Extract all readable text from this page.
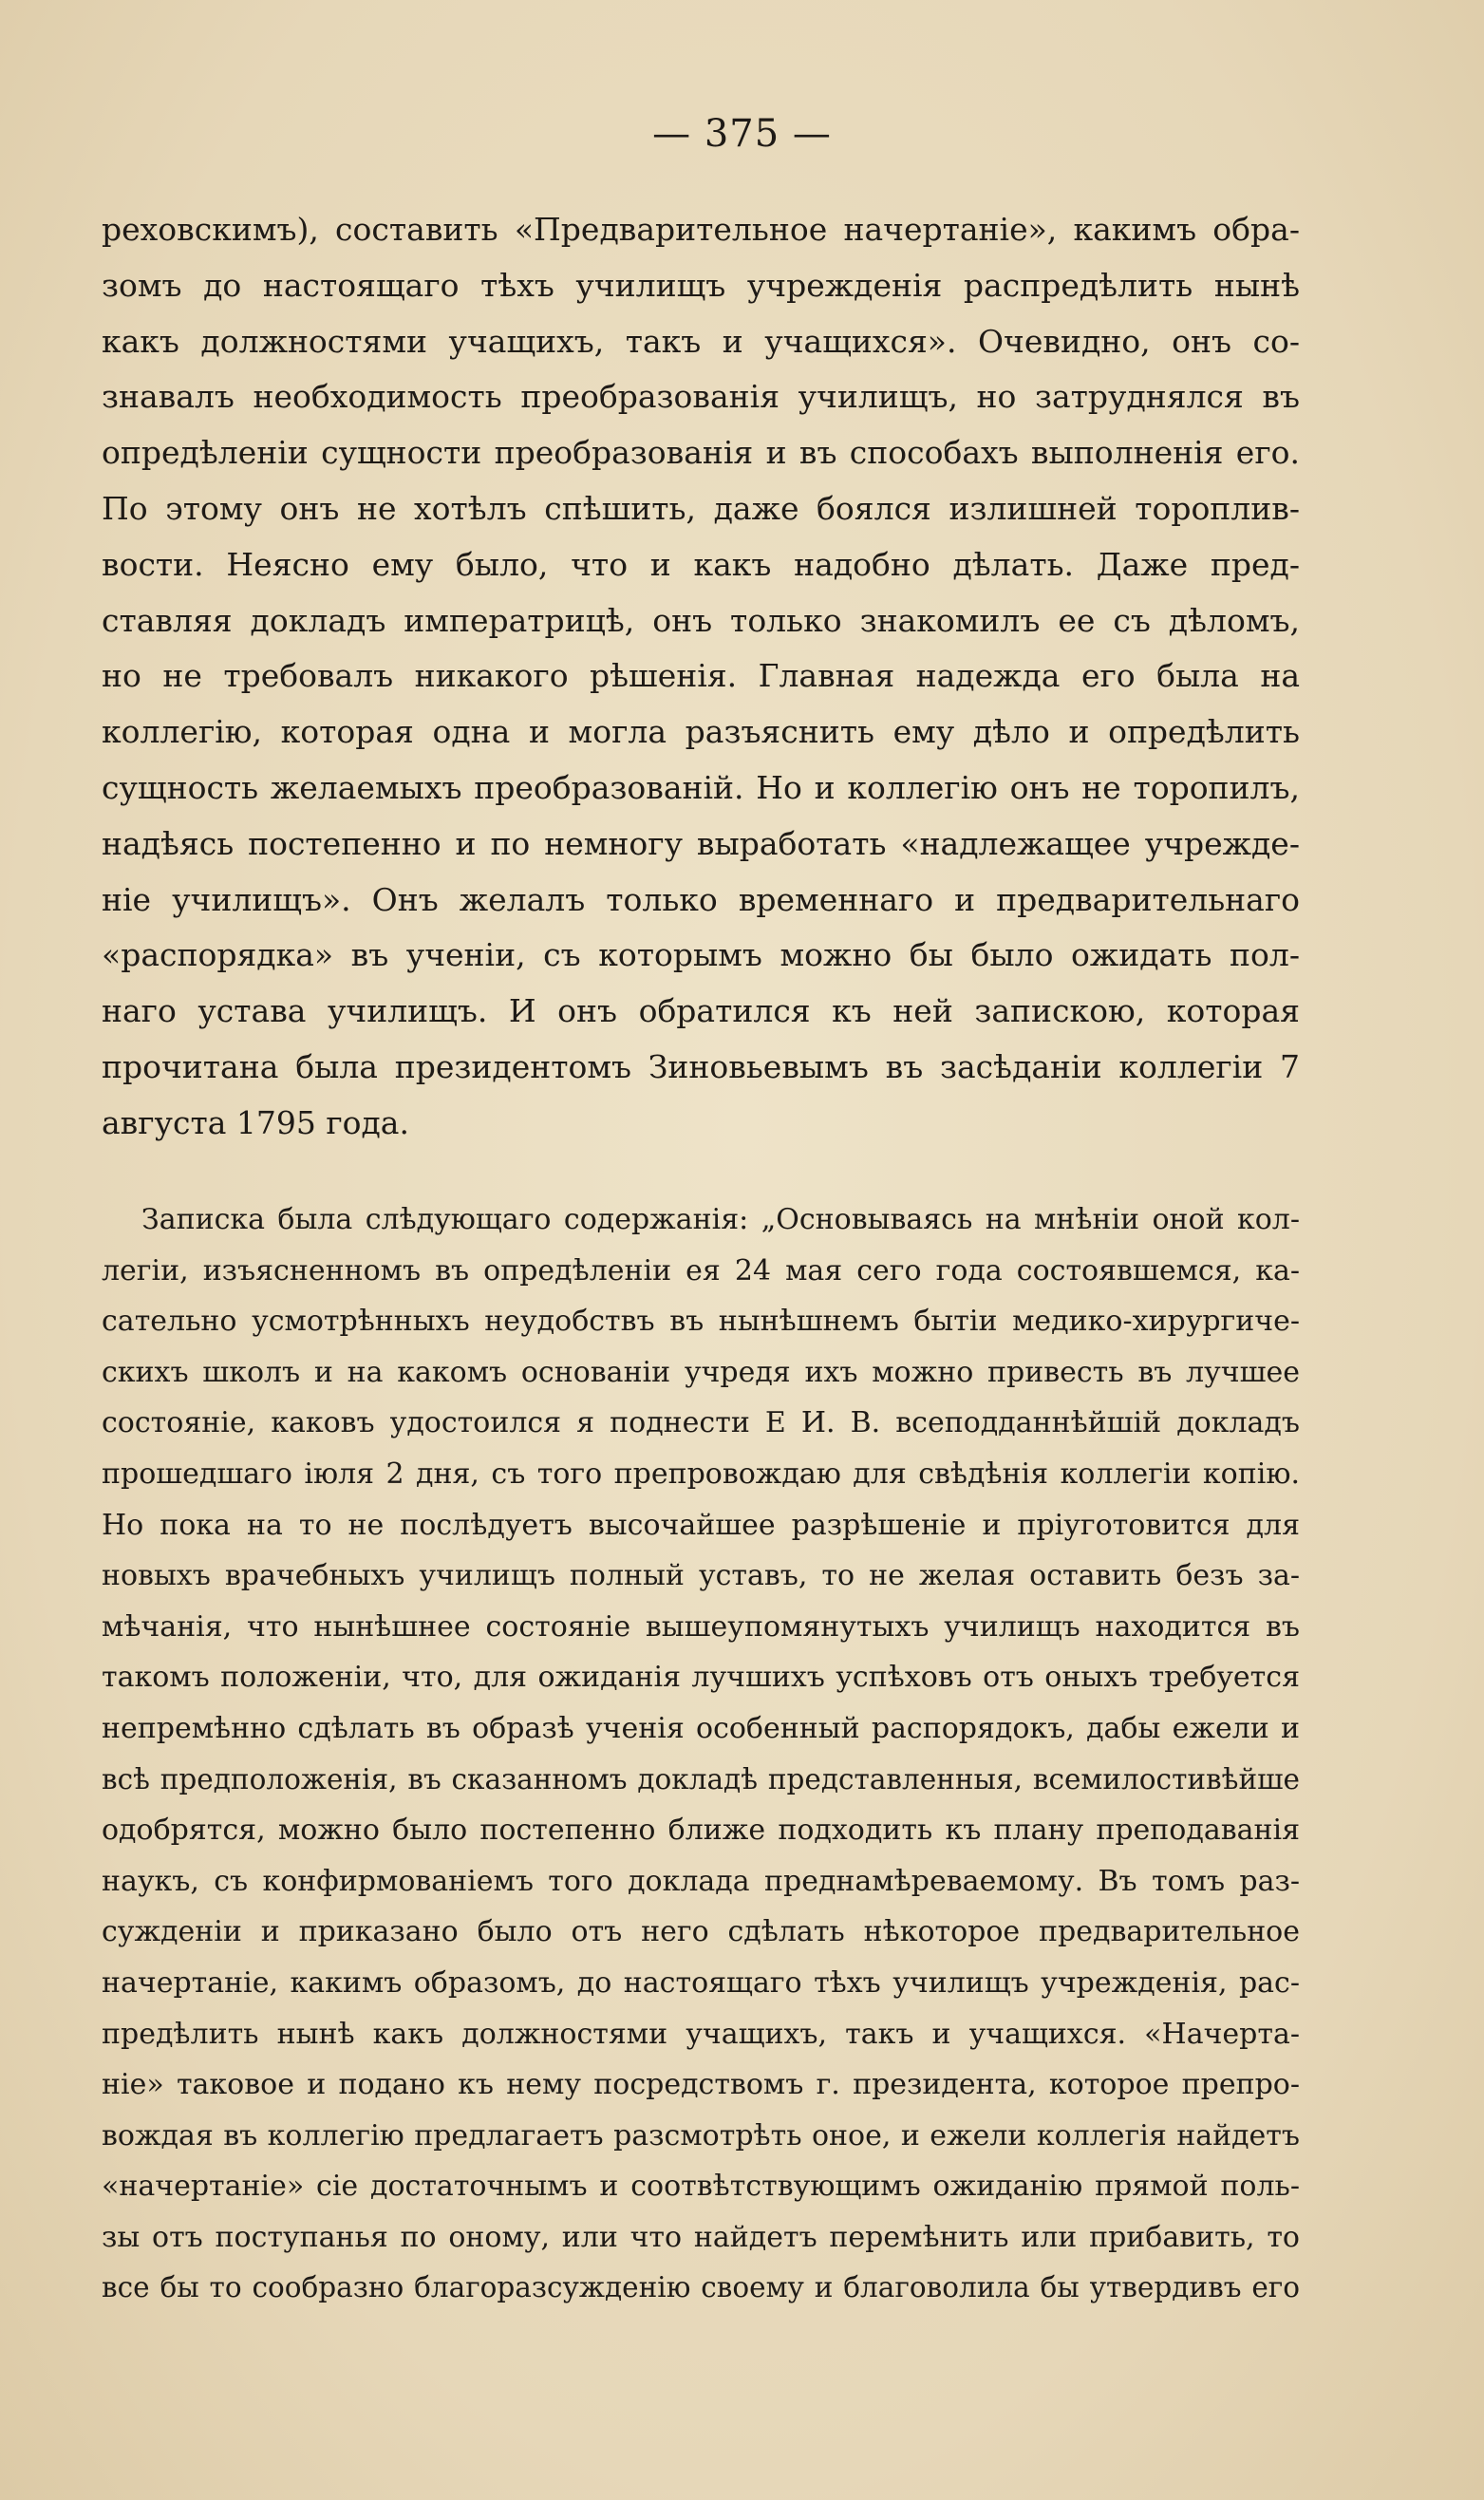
— 375 —
реховскимъ), составить «Предварительное начертаніе», какимъ обра-
зомъ до настоящаго тѣхъ училищъ учрежденія распредѣлить нынѣ
какъ должностями учащихъ, такъ и учащихся». Очевидно, онъ со-
знавалъ необходимость преобразованія училищъ, но затруднялся въ
опредѣленіи сущности преобразованія и въ способахъ выполненія его.
По этому онъ не хотѣлъ спѣшить, даже боялся излишней тороплив-
вости. Неясно ему было, что и какъ надобно дѣлать. Даже пред-
ставляя докладъ императрицѣ, онъ только знакомилъ ее съ дѣломъ,
но не требовалъ никакого рѣшенія. Главная надежда его была на
коллегію, которая одна и могла разъяснить ему дѣло и опредѣлить
сущность желаемыхъ преобразованій. Но и коллегію онъ не торопилъ,
надѣясь постепенно и по немногу выработать «надлежащее учрежде-
ніе училищъ». Онъ желалъ только временнаго и предварительнаго
«распорядка» въ ученіи, съ которымъ можно бы было ожидать пол-
наго устава училищъ. И онъ обратился къ ней запискою, которая
прочитана была президентомъ Зиновьевымъ въ засѣданіи коллегіи 7
августа 1795 года.
Записка была слѣдующаго содержанія: „Основываясь на мнѣніи оной кол-
легіи, изъясненномъ въ опредѣленіи ея 24 мая сего года состоявшемся, ка-
сательно усмотрѣнныхъ неудобствъ въ нынѣшнемъ бытіи медико-хирургиче-
скихъ школъ и на какомъ основаніи учредя ихъ можно привесть въ лучшее
состояніе, каковъ удостоился я поднести Е И. В. всеподданнѣйшій докладъ
прошедшаго іюля 2 дня, съ того препровождаю для свѣдѣнія коллегіи копію.
Но пока на то не послѣдуетъ высочайшее разрѣшеніе и пріуготовится для
новыхъ врачебныхъ училищъ полный уставъ, то не желая оставить безъ за-
мѣчанія, что нынѣшнее состояніе вышеупомянутыхъ училищъ находится въ
такомъ положеніи, что, для ожиданія лучшихъ успѣховъ отъ оныхъ требуется
непремѣнно сдѣлать въ образѣ ученія особенный распорядокъ, дабы ежели и
всѣ предположенія, въ сказанномъ докладѣ представленныя, всемилостивѣйше
одобрятся, можно было постепенно ближе подходить къ плану преподаванія
наукъ, съ конфирмованіемъ того доклада преднамѣреваемому. Въ томъ раз-
сужденіи и приказано было отъ него сдѣлать нѣкоторое предварительное
начертаніе, какимъ образомъ, до настоящаго тѣхъ училищъ учрежденія, рас-
предѣлить нынѣ какъ должностями учащихъ, такъ и учащихся. «Начерта-
ніе» таковое и подано къ нему посредствомъ г. президента, которое препро-
вождая въ коллегію предлагаетъ разсмотрѣть оное, и ежели коллегія найдетъ
«начертаніе» сіе достаточнымъ и соотвѣтствующимъ ожиданію прямой поль-
зы отъ поступанья по оному, или что найдетъ перемѣнить или прибавить, то
все бы то сообразно благоразсужденію своему и благоволила бы утвердивъ его
